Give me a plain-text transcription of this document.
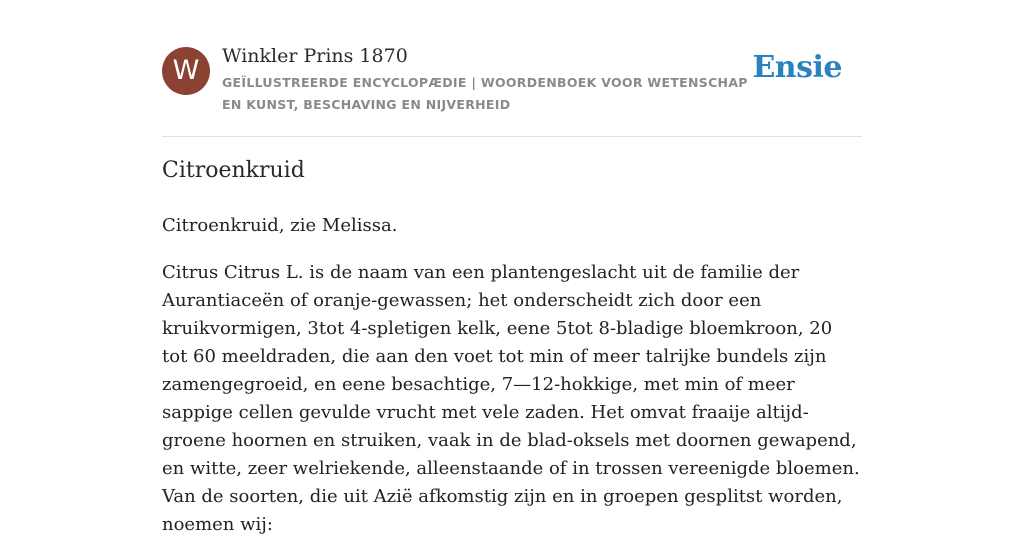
W	Winkler Prins 1870
GEÏLLUSTREERDE ENCYCLOPÆDIE | WOORDENBOEK VOOR WETENSCHAP EN KUNST, BESCHAVING EN NIJVERHEID
Ensie
Citroenkruid

Citroenkruid, zie Melissa.

Citrus Citrus L. is de naam van een plantengeslacht uit de familie der Aurantiaceën of oranje-gewassen; het onderscheidt zich door een kruikvormigen, 3tot 4-spletigen kelk, eene 5tot 8-bladige bloemkroon, 20 tot 60 meeldraden, die aan den voet tot min of meer talrijke bundels zijn zamengegroeid, en eene besachtige, 7—12-hokkige, met min of meer sappige cellen gevulde vrucht met vele zaden. Het omvat fraaije altijd-groene hoornen en struiken, vaak in de blad-oksels met doornen gewapend, en witte, zeer welriekende, alleenstaande of in trossen vereenigde bloemen. Van de soorten, die uit Azië afkomstig zijn en in groepen gesplitst worden, noemen wij:
